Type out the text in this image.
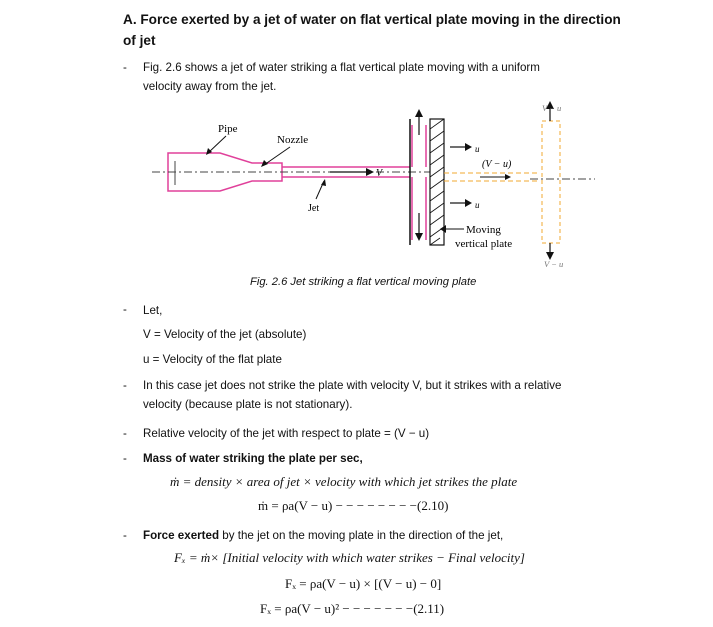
A. Force exerted by a jet of water on flat vertical plate moving in the direction of jet
- Fig. 2.6 shows a jet of water striking a flat vertical plate moving with a uniform
velocity away from the jet.
V
Pipe
Nozzle
Jet
u
u
(V − u)
V − u
V − u
Moving
vertical plate
Fig. 2.6 Jet striking a flat vertical moving plate
- Let,
V = Velocity of the jet (absolute)
u = Velocity of the flat plate
- In this case jet does not strike the plate with velocity V, but it strikes with a relative
velocity (because plate is not stationary).
- Relative velocity of the jet with respect to plate = (V − u)
- Mass of water striking the plate per sec,
ṁ = density × area of jet × velocity with which jet strikes the plate
ṁ = ρa(V − u) − − − − − − − −(2.10)
- Force exerted by the jet on the moving plate in the direction of the jet,
Fₓ = ṁ× [Initial velocity with which water strikes − Final velocity]
Fₓ = ρa(V − u) × [(V − u) − 0]
Fₓ = ρa(V − u)² − − − − − − −(2.11)
